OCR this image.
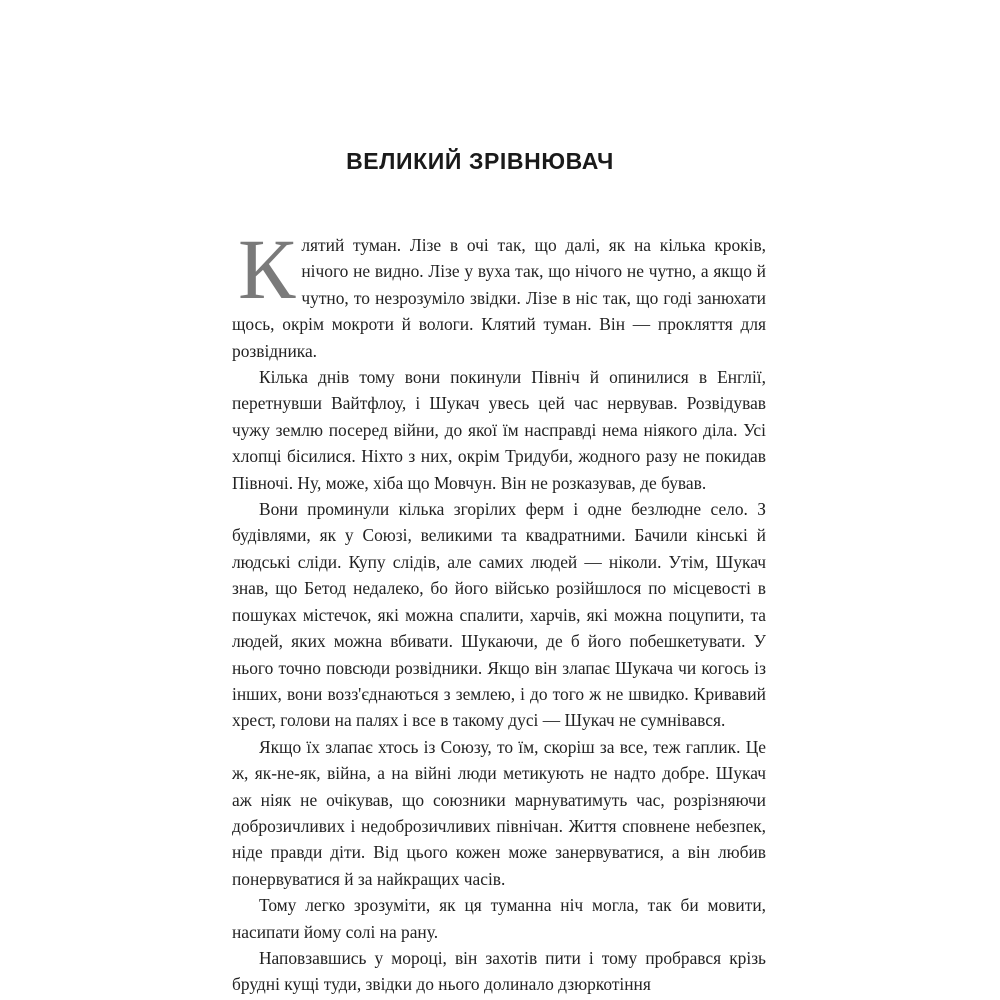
ВЕЛИКИЙ ЗРІВНЮВАЧ

Клятий туман. Лізе в очі так, що далі, як на кілька кроків, нічого не видно. Лізе у вуха так, що нічого не чутно, а якщо й чутно, то незрозуміло звідки. Лізе в ніс так, що годі занюхати щось, окрім мокроти й вологи. Клятий туман. Він — прокляття для розвідника.

Кілька днів тому вони покинули Північ й опинилися в Енглії, перетнувши Вайтфлоу, і Шукач увесь цей час нервував. Розвідував чужу землю посеред війни, до якої їм насправді нема ніякого діла. Усі хлопці бісилися. Ніхто з них, окрім Тридуби, жодного разу не покидав Півночі. Ну, може, хіба що Мовчун. Він не розказував, де бував.

Вони проминули кілька згорілих ферм і одне безлюдне село. З будівлями, як у Союзі, великими та квадратними. Бачили кінські й людські сліди. Купу слідів, але самих людей — ніколи. Утім, Шукач знав, що Бетод недалеко, бо його військо розійшлося по місцевості в пошуках містечок, які можна спалити, харчів, які можна поцупити, та людей, яких можна вбивати. Шукаючи, де б його побешкетувати. У нього точно повсюди розвідники. Якщо він злапає Шукача чи когось із інших, вони возз'єднаються з землею, і до того ж не швидко. Кривавий хрест, голови на палях і все в такому дусі — Шукач не сумнівався.

Якщо їх злапає хтось із Союзу, то їм, скоріш за все, теж гаплик. Це ж, як-не-як, війна, а на війні люди метикують не надто добре. Шукач аж ніяк не очікував, що союзники марнуватимуть час, розрізняючи доброзичливих і недоброзичливих північан. Життя сповнене небезпек, ніде правди діти. Від цього кожен може занервуватися, а він любив понервуватися й за найкращих часів.

Тому легко зрозуміти, як ця туманна ніч могла, так би мовити, насипати йому солі на рану.

Наповзавшись у мороці, він захотів пити і тому пробрався крізь брудні кущі туди, звідки до нього долинало дзюркотіння
